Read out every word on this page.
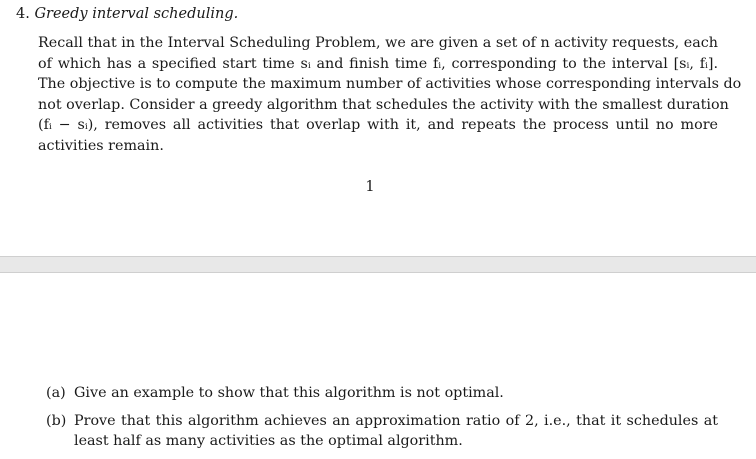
4. Greedy interval scheduling.
Recall that in the Interval Scheduling Problem, we are given a set of n activity requests, each
of which has a specified start time sᵢ and finish time fᵢ, corresponding to the interval [sᵢ, fᵢ].
The objective is to compute the maximum number of activities whose corresponding intervals do
not overlap. Consider a greedy algorithm that schedules the activity with the smallest duration
(fᵢ − sᵢ), removes all activities that overlap with it, and repeats the process until no more
activities remain.
1
(a) Give an example to show that this algorithm is not optimal.
(b) Prove that this algorithm achieves an approximation ratio of 2, i.e., that it schedules at
least half as many activities as the optimal algorithm.
